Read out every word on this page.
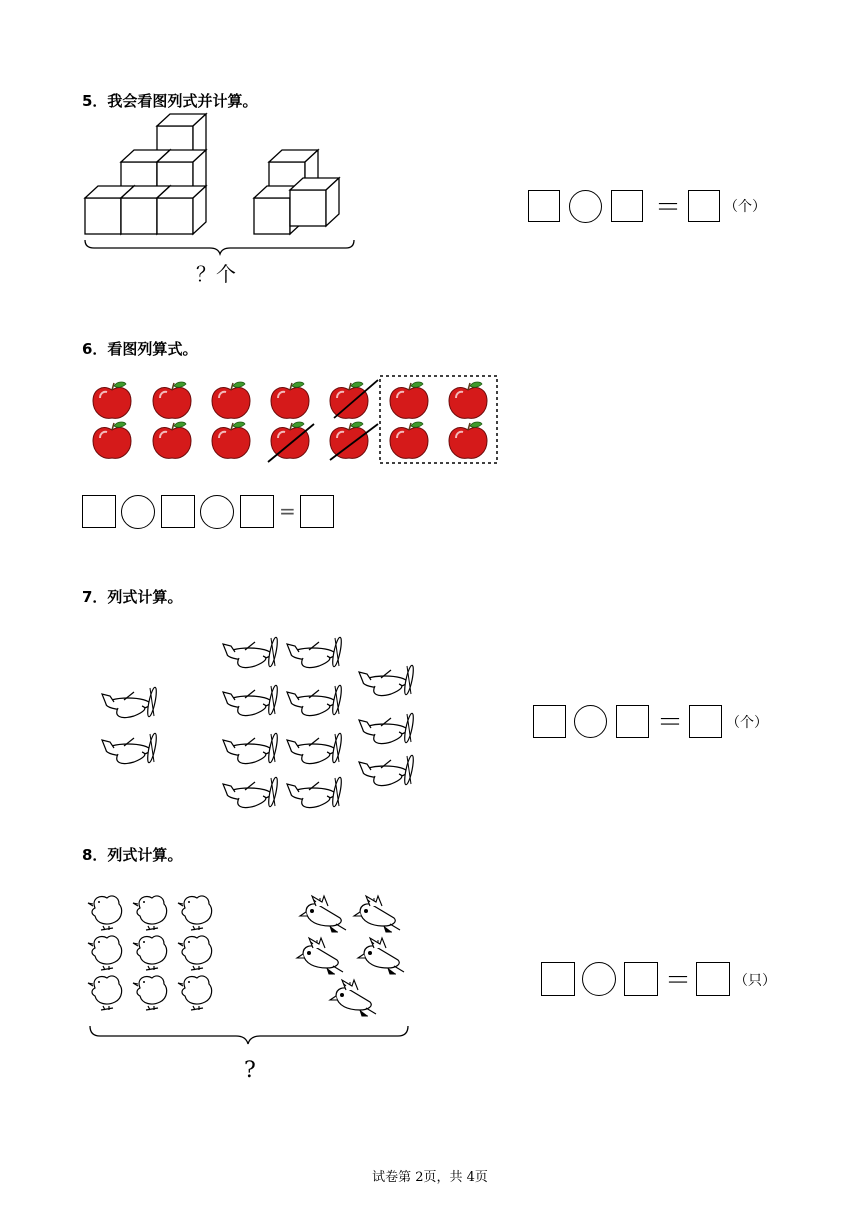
5．我会看图列式并计算。
？个
＝	（个）
6．看图列算式。
=
7．列式计算。
＝	（个）
8．列式计算。
?
＝	（只）
试卷第 2页，共 4页
